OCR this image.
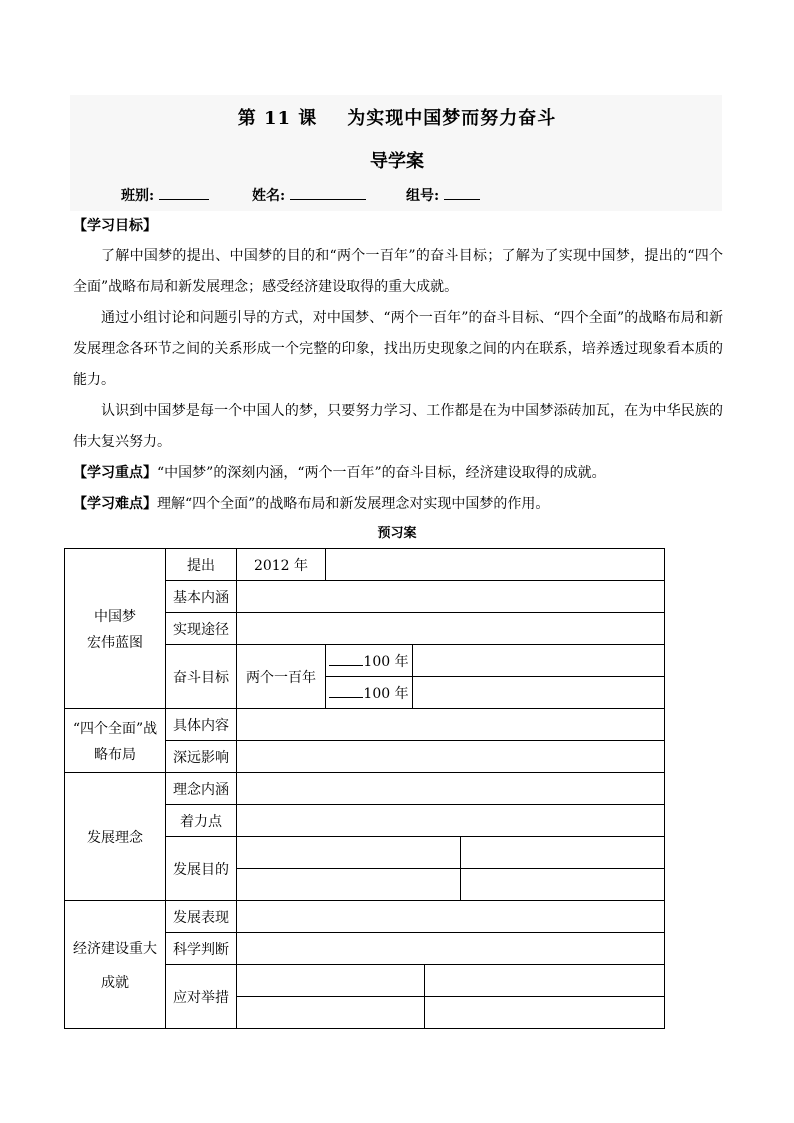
第 11 课 为实现中国梦而努力奋斗
导学案
班别:	姓名:	组号:
【学习目标】
了解中国梦的提出、中国梦的目的和“两个一百年”的奋斗目标；了解为了实现中国梦，提出的“四个全面”战略布局和新发展理念；感受经济建设取得的重大成就。
通过小组讨论和问题引导的方式，对中国梦、“两个一百年”的奋斗目标、“四个全面”的战略布局和新发展理念各环节之间的关系形成一个完整的印象，找出历史现象之间的内在联系，培养透过现象看本质的能力。
认识到中国梦是每一个中国人的梦，只要努力学习、工作都是在为中国梦添砖加瓦，在为中华民族的伟大复兴努力。
【学习重点】“中国梦”的深刻内涵，“两个一百年”的奋斗目标，经济建设取得的成就。
【学习难点】理解“四个全面”的战略布局和新发展理念对实现中国梦的作用。
预习案
中国梦
宏伟蓝图	提出	2012 年				
	基本内涵					
	实现途径					
	奋斗目标	两个一百年	100 年			
			100 年			

“四个全面”战
略布局	具体内容					
	深远影响					
发展理念	理念内涵					
	着力点					
	发展目的					

经济建设重大
成就	发展表现					
	科学判断					
	应对举措					
